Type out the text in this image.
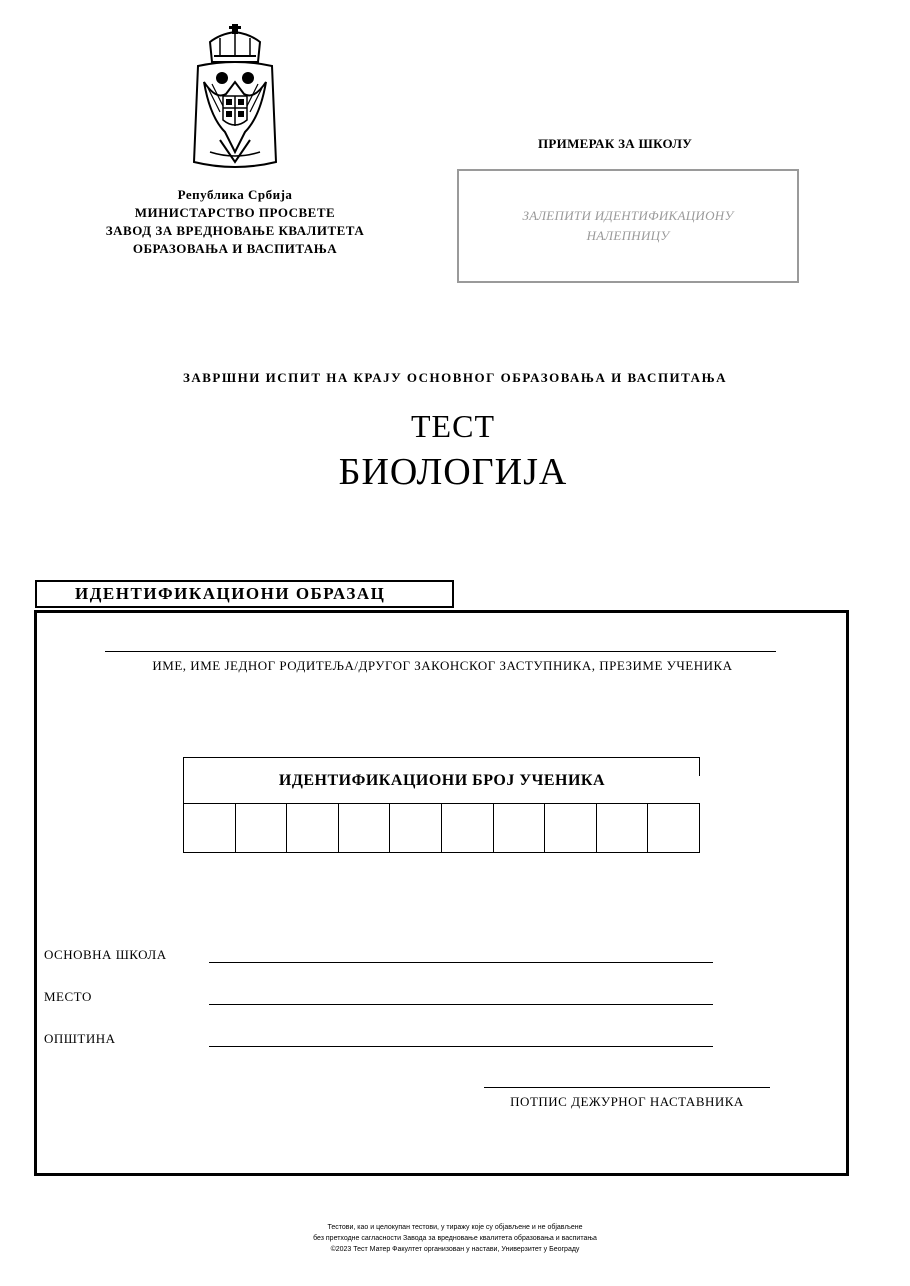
Република Србија
МИНИСТАРСТВО ПРОСВЕТЕ
ЗАВОД ЗА ВРЕДНОВАЊЕ КВАЛИТЕТА
ОБРАЗОВАЊА И ВАСПИТАЊА
ПРИМЕРАК ЗА ШКОЛУ
ЗАЛЕПИТИ ИДЕНТИФИКАЦИОНУ НАЛЕПНИЦУ
ЗАВРШНИ ИСПИТ НА КРАЈУ ОСНОВНОГ ОБРАЗОВАЊА И ВАСПИТАЊА
ТЕСТ
БИОЛОГИЈА
ИДЕНТИФИКАЦИОНИ ОБРАЗАЦ
ИМЕ, ИМЕ ЈЕДНОГ РОДИТЕЉА/ДРУГОГ ЗАКОНСКОГ ЗАСТУПНИКА, ПРЕЗИМЕ УЧЕНИКА
ИДЕНТИФИКАЦИОНИ БРОЈ УЧЕНИКА
ОСНОВНА ШКОЛА
МЕСТО
ОПШТИНА
ПОТПИС ДЕЖУРНОГ НАСТАВНИКА
Тестови, као и целокупан тестови, у тиражу које су објављене и не објављене
без претходне сагласности Завода за вредновање квалитета образовања и васпитања
©2023 Тест Матер Факултет организован у настави, Универзитет у Београду
